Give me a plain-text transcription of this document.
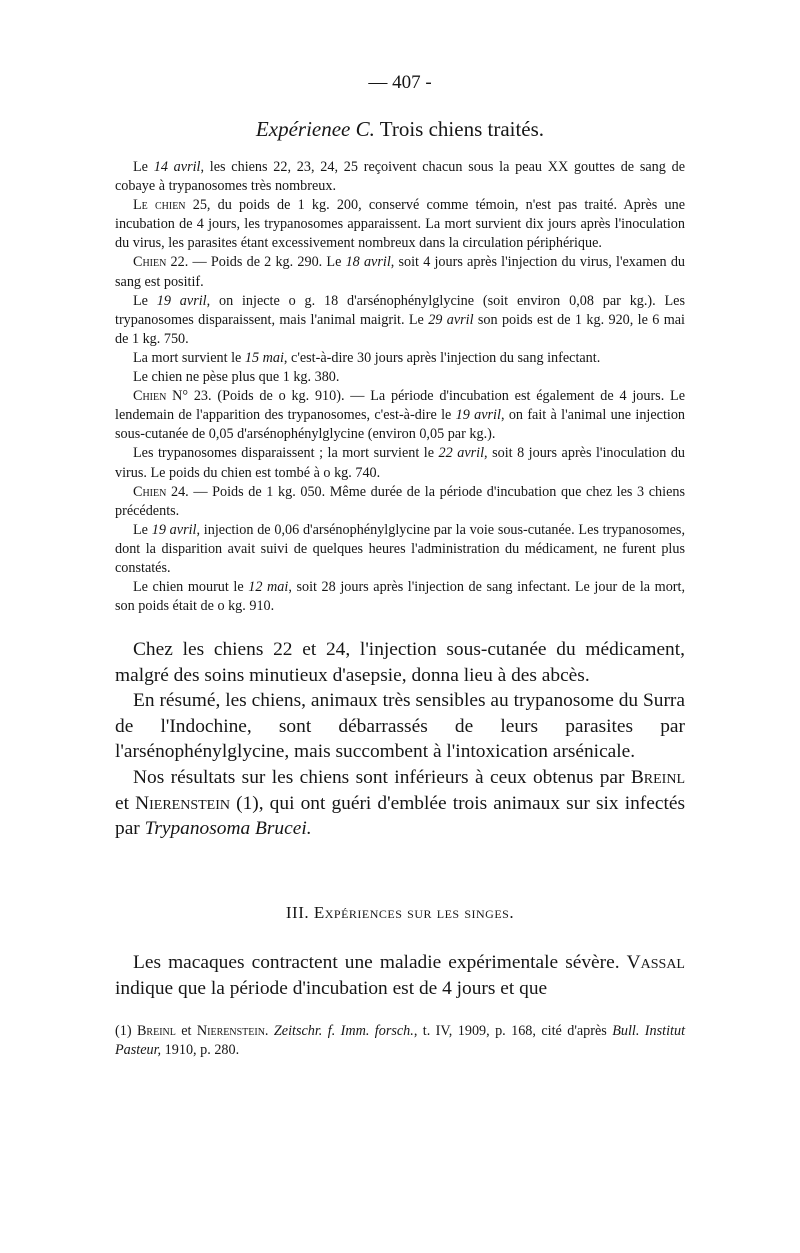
— 407 -
Expérienee C. Trois chiens traités.

Le 14 avril, les chiens 22, 23, 24, 25 reçoivent chacun sous la peau XX gouttes de sang de cobaye à trypanosomes très nombreux.

Le chien 25, du poids de 1 kg. 200, conservé comme témoin, n'est pas traité. Après une incubation de 4 jours, les trypanosomes apparaissent. La mort survient dix jours après l'inoculation du virus, les parasites étant excessivement nombreux dans la circulation périphérique.

Chien 22. — Poids de 2 kg. 290. Le 18 avril, soit 4 jours après l'injection du virus, l'examen du sang est positif.

Le 19 avril, on injecte o g. 18 d'arsénophénylglycine (soit environ 0,08 par kg.). Les trypanosomes disparaissent, mais l'animal maigrit. Le 29 avril son poids est de 1 kg. 920, le 6 mai de 1 kg. 750.

La mort survient le 15 mai, c'est-à-dire 30 jours après l'injection du sang infectant.

Le chien ne pèse plus que 1 kg. 380.

Chien N° 23. (Poids de o kg. 910). — La période d'incubation est également de 4 jours. Le lendemain de l'apparition des trypanosomes, c'est-à-dire le 19 avril, on fait à l'animal une injection sous-cutanée de 0,05 d'arsénophénylglycine (environ 0,05 par kg.).

Les trypanosomes disparaissent ; la mort survient le 22 avril, soit 8 jours après l'inoculation du virus. Le poids du chien est tombé à o kg. 740.

Chien 24. — Poids de 1 kg. 050. Même durée de la période d'incubation que chez les 3 chiens précédents.

Le 19 avril, injection de 0,06 d'arsénophénylglycine par la voie sous-cutanée. Les trypanosomes, dont la disparition avait suivi de quelques heures l'administration du médicament, ne furent plus constatés.

Le chien mourut le 12 mai, soit 28 jours après l'injection de sang infectant. Le jour de la mort, son poids était de o kg. 910.

Chez les chiens 22 et 24, l'injection sous-cutanée du médicament, malgré des soins minutieux d'asepsie, donna lieu à des abcès.

En résumé, les chiens, animaux très sensibles au trypanosome du Surra de l'Indochine, sont débarrassés de leurs parasites par l'arsénophénylglycine, mais succombent à l'intoxication arsénicale.

Nos résultats sur les chiens sont inférieurs à ceux obtenus par Breinl et Nierenstein (1), qui ont guéri d'emblée trois animaux sur six infectés par Trypanosoma Brucei.

III. Expériences sur les singes.

Les macaques contractent une maladie expérimentale sévère. Vassal indique que la période d'incubation est de 4 jours et que

(1) Breinl et Nierenstein. Zeitschr. f. Imm. forsch., t. IV, 1909, p. 168, cité d'après Bull. Institut Pasteur, 1910, p. 280.
